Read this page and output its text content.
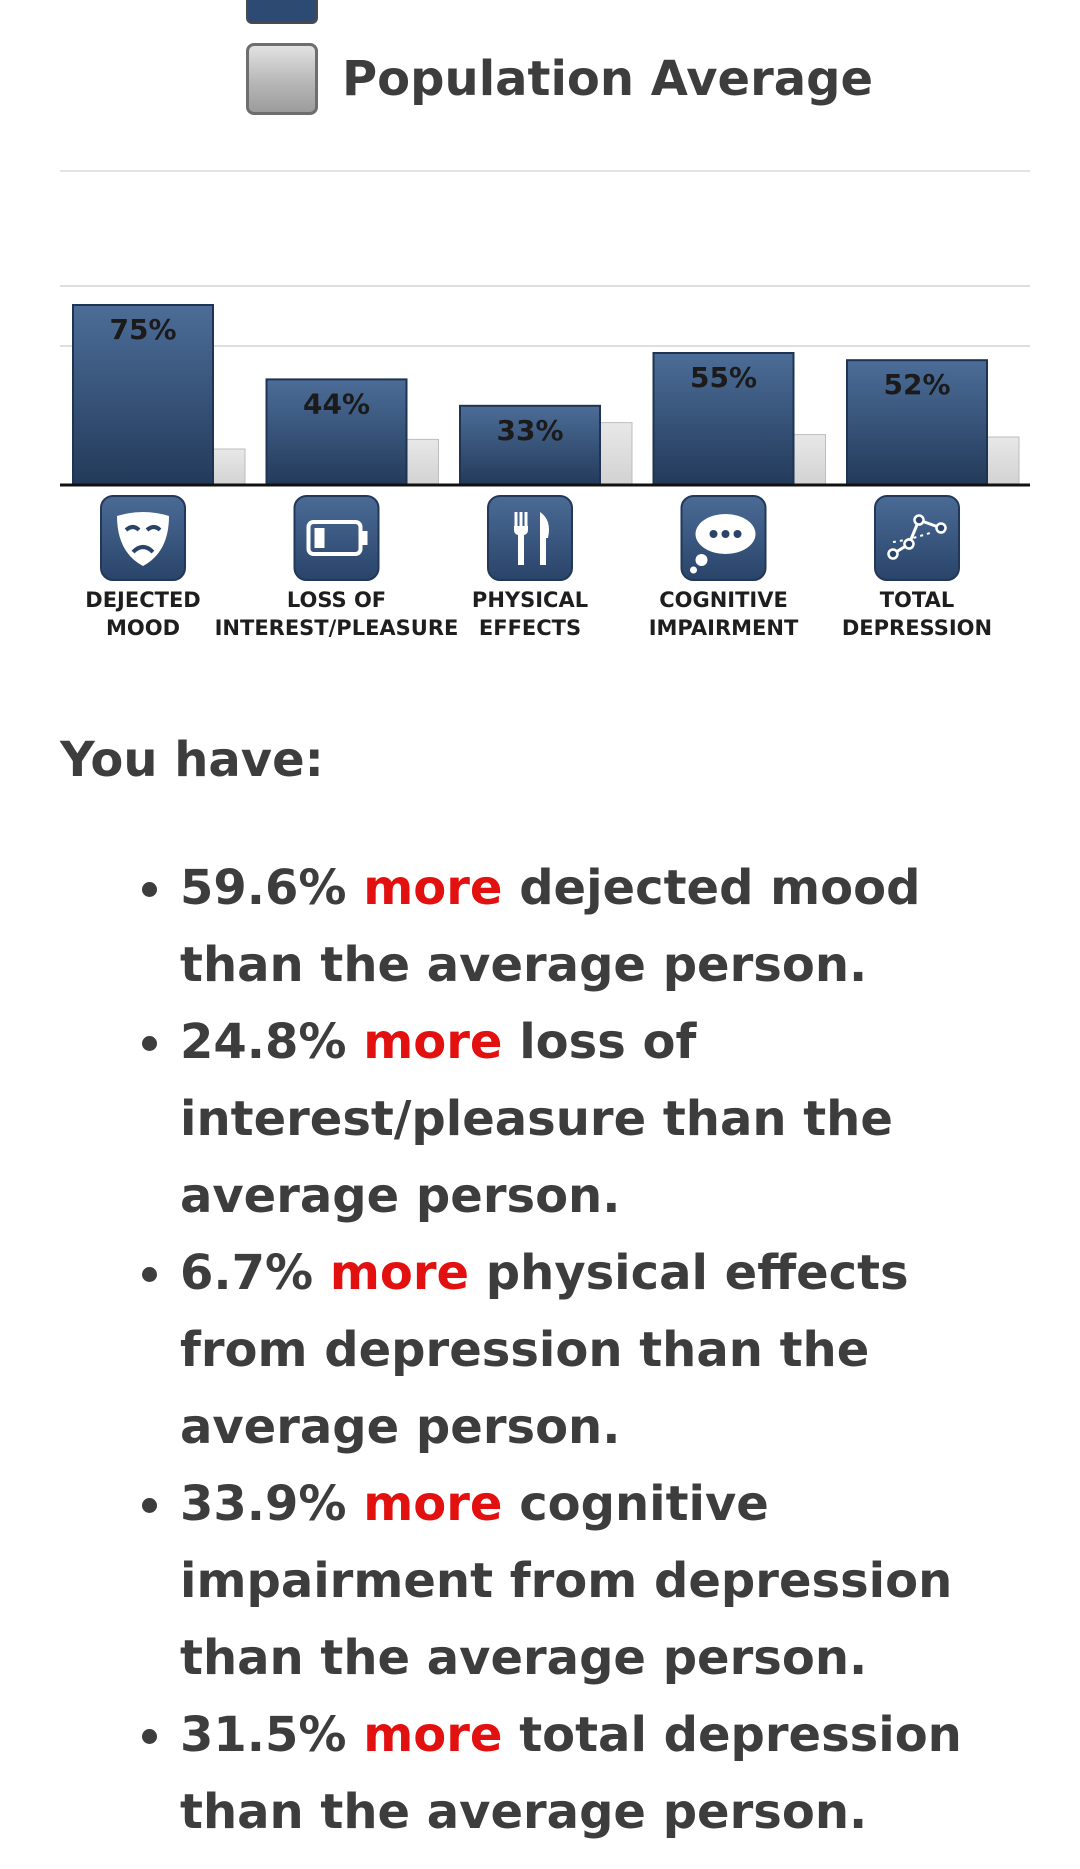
Population Average
75%
44%
33%
55%	52%
DEJECTED
MOOD
LOSS OF
INTEREST/PLEASURE
PHYSICAL
EFFECTS
COGNITIVE
IMPAIRMENT
TOTAL
DEPRESSION
You have:
59.6% more dejected mood than the average person.
24.8% more loss of interest/pleasure than the average person.
6.7% more physical effects from depression than the average person.
33.9% more cognitive impairment from depression than the average person.
31.5% more total depression than the average person.
